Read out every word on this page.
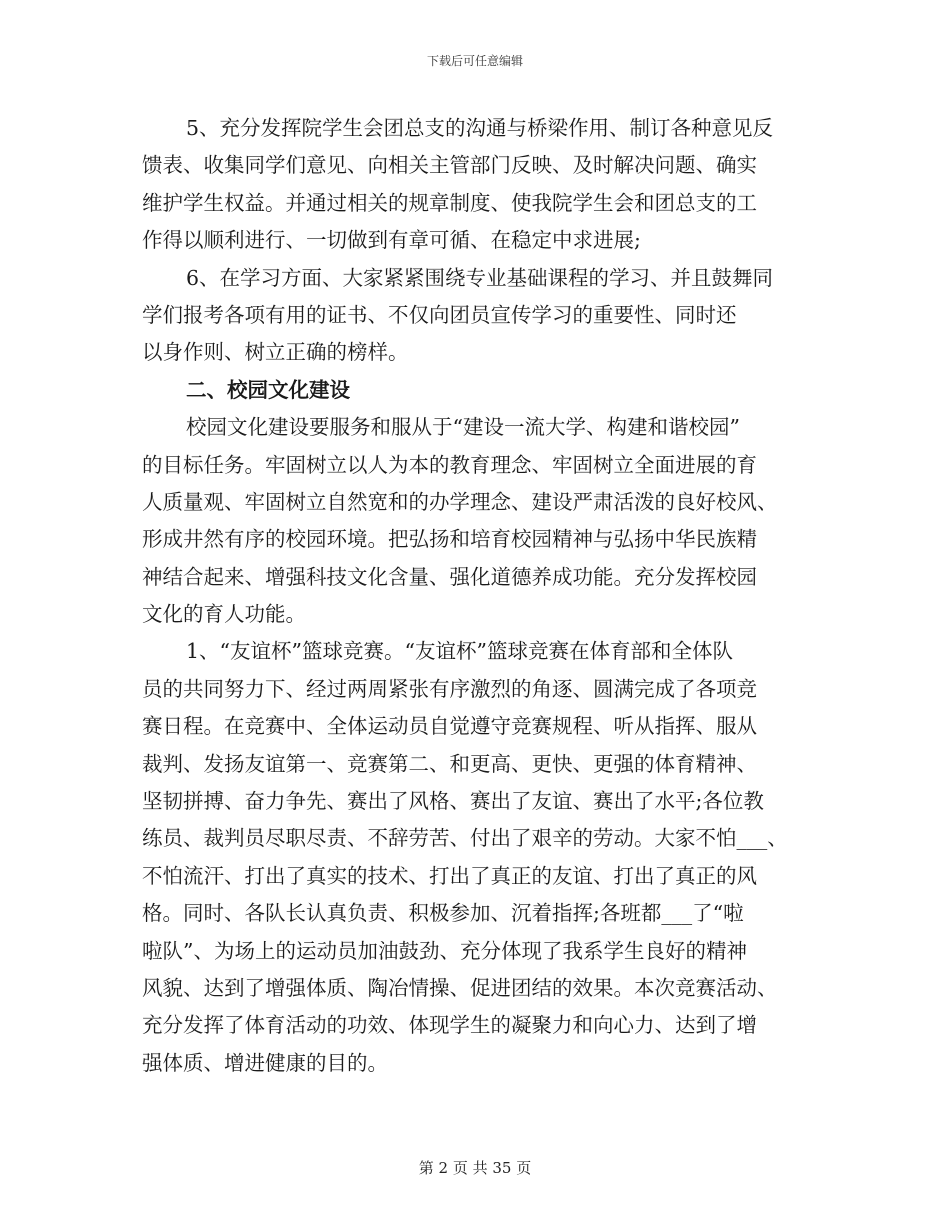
下载后可任意编辑
5、充分发挥院学生会团总支的沟通与桥梁作用、制订各种意见反
馈表、收集同学们意见、向相关主管部门反映、及时解决问题、确实
维护学生权益。并通过相关的规章制度、使我院学生会和团总支的工
作得以顺利进行、一切做到有章可循、在稳定中求进展;
6、在学习方面、大家紧紧围绕专业基础课程的学习、并且鼓舞同
学们报考各项有用的证书、不仅向团员宣传学习的重要性、同时还
以身作则、树立正确的榜样。
二、校园文化建设
校园文化建设要服务和服从于“建设一流大学、构建和谐校园”
的目标任务。牢固树立以人为本的教育理念、牢固树立全面进展的育
人质量观、牢固树立自然宽和的办学理念、建设严肃活泼的良好校风、
形成井然有序的校园环境。把弘扬和培育校园精神与弘扬中华民族精
神结合起来、增强科技文化含量、强化道德养成功能。充分发挥校园
文化的育人功能。
1、“友谊杯”篮球竞赛。“友谊杯”篮球竞赛在体育部和全体队
员的共同努力下、经过两周紧张有序激烈的角逐、圆满完成了各项竞
赛日程。在竞赛中、全体运动员自觉遵守竞赛规程、听从指挥、服从
裁判、发扬友谊第一、竞赛第二、和更高、更快、更强的体育精神、
坚韧拼搏、奋力争先、赛出了风格、赛出了友谊、赛出了水平;各位教
练员、裁判员尽职尽责、不辞劳苦、付出了艰辛的劳动。大家不怕___、
不怕流汗、打出了真实的技术、打出了真正的友谊、打出了真正的风
格。同时、各队长认真负责、积极参加、沉着指挥;各班都___了“啦
啦队”、为场上的运动员加油鼓劲、充分体现了我系学生良好的精神
风貌、达到了增强体质、陶冶情操、促进团结的效果。本次竞赛活动、
充分发挥了体育活动的功效、体现学生的凝聚力和向心力、达到了增
强体质、增进健康的目的。
第 2 页 共 35 页
